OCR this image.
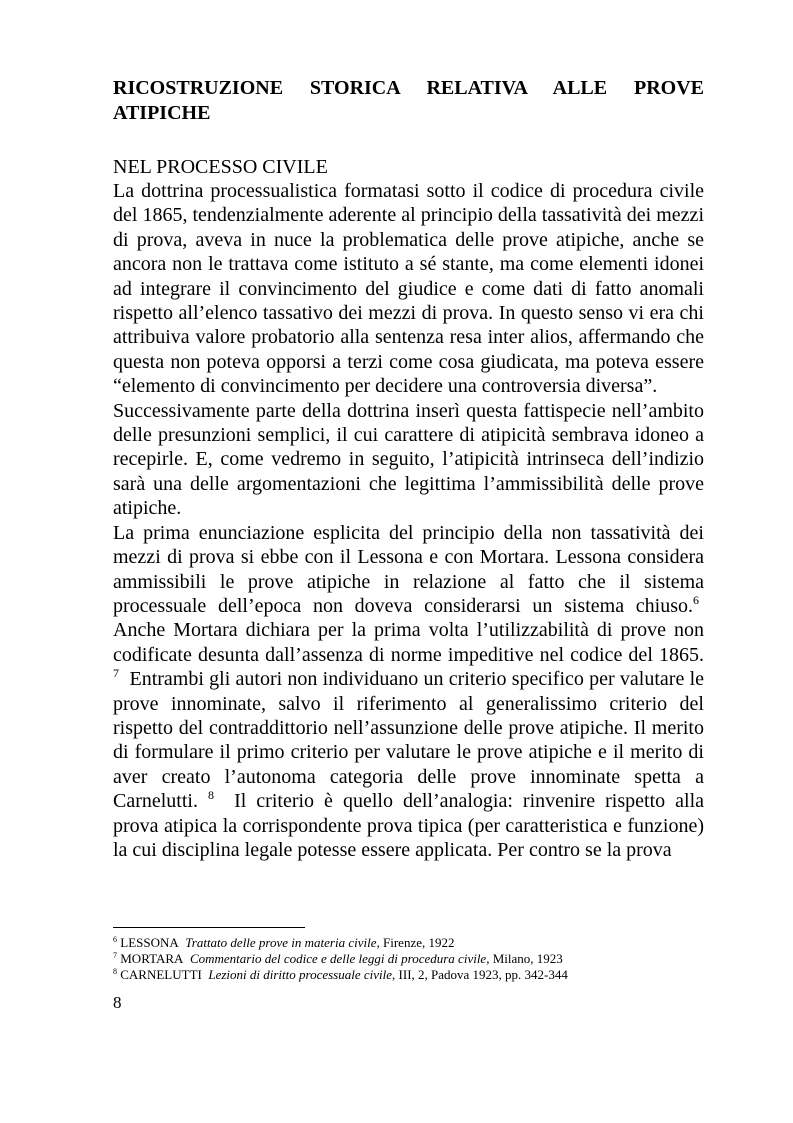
RICOSTRUZIONE STORICA RELATIVA ALLE PROVE ATIPICHE
NEL PROCESSO CIVILE

La dottrina processualistica formatasi sotto il codice di procedura civile del 1865, tendenzialmente aderente al principio della tassatività dei mezzi di prova, aveva in nuce la problematica delle prove atipiche, anche se ancora non le trattava come istituto a sé stante, ma come elementi idonei ad integrare il convincimento del giudice e come dati di fatto anomali rispetto all’elenco tassativo dei mezzi di prova. In questo senso vi era chi attribuiva valore probatorio alla sentenza resa inter alios, affermando che questa non poteva opporsi a terzi come cosa giudicata, ma poteva essere “elemento di convincimento per decidere una controversia diversa”.

Successivamente parte della dottrina inserì questa fattispecie nell’ambito delle presunzioni semplici, il cui carattere di atipicità sembrava idoneo a recepirle. E, come vedremo in seguito, l’atipicità intrinseca dell’indizio sarà una delle argomentazioni che legittima l’ammissibilità delle prove atipiche.

La prima enunciazione esplicita del principio della non tassatività dei mezzi di prova si ebbe con il Lessona e con Mortara. Lessona considera ammissibili le prove atipiche in relazione al fatto che il sistema processuale dell’epoca non doveva considerarsi un sistema chiuso.$^6$  Anche Mortara dichiara per la prima volta l’utilizzabilità di prove non codificate desunta dall’assenza di norme impeditive nel codice del 1865. $^7$ Entrambi gli autori non individuano un criterio specifico per valutare le prove innominate, salvo il riferimento al generalissimo criterio del rispetto del contraddittorio nell’assunzione delle prove atipiche. Il merito di formulare il primo criterio per valutare le prove atipiche e il merito di aver creato l’autonoma categoria delle prove innominate spetta a Carnelutti. $^8$ Il criterio è quello dell’analogia: rinvenire rispetto alla prova atipica la corrispondente prova tipica (per caratteristica e funzione) la cui disciplina legale potesse essere applicata. Per contro se la prova

$^6$ LESSONA Trattato delle prove in materia civile, Firenze, 1922

$^7$ MORTARA Commentario del codice e delle leggi di procedura civile, Milano, 1923

$^8$ CARNELUTTI Lezioni di diritto processuale civile, III, 2, Padova 1923, pp. 342-344

8
